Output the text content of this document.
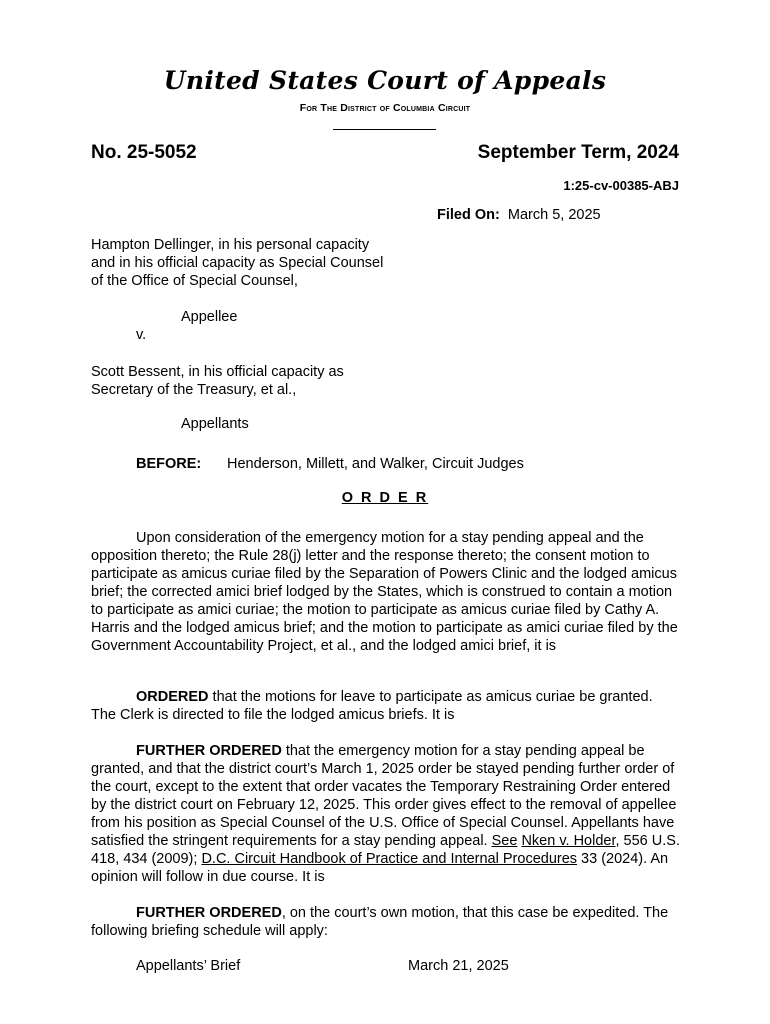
United States Court of Appeals
For The District of Columbia Circuit
No. 25-5052	September Term, 2024
1:25-cv-00385-ABJ
Filed On: March 5, 2025
Hampton Dellinger, in his personal capacity
and in his official capacity as Special Counsel
of the Office of Special Counsel,
Appellee
v.
Scott Bessent, in his official capacity as
Secretary of the Treasury, et al.,
Appellants
BEFORE: Henderson, Millett, and Walker, Circuit Judges
O R D E R
Upon consideration of the emergency motion for a stay pending appeal and the opposition thereto; the Rule 28(j) letter and the response thereto; the consent motion to participate as amicus curiae filed by the Separation of Powers Clinic and the lodged amicus brief; the corrected amici brief lodged by the States, which is construed to contain a motion to participate as amici curiae; the motion to participate as amicus curiae filed by Cathy A. Harris and the lodged amicus brief; and the motion to participate as amici curiae filed by the Government Accountability Project, et al., and the lodged amici brief, it is
ORDERED that the motions for leave to participate as amicus curiae be granted. The Clerk is directed to file the lodged amicus briefs. It is
FURTHER ORDERED that the emergency motion for a stay pending appeal be granted, and that the district court’s March 1, 2025 order be stayed pending further order of the court, except to the extent that order vacates the Temporary Restraining Order entered by the district court on February 12, 2025. This order gives effect to the removal of appellee from his position as Special Counsel of the U.S. Office of Special Counsel. Appellants have satisfied the stringent requirements for a stay pending appeal. See Nken v. Holder, 556 U.S. 418, 434 (2009); D.C. Circuit Handbook of Practice and Internal Procedures 33 (2024). An opinion will follow in due course. It is
FURTHER ORDERED, on the court’s own motion, that this case be expedited. The following briefing schedule will apply:
Appellants’ Brief	March 21, 2025
